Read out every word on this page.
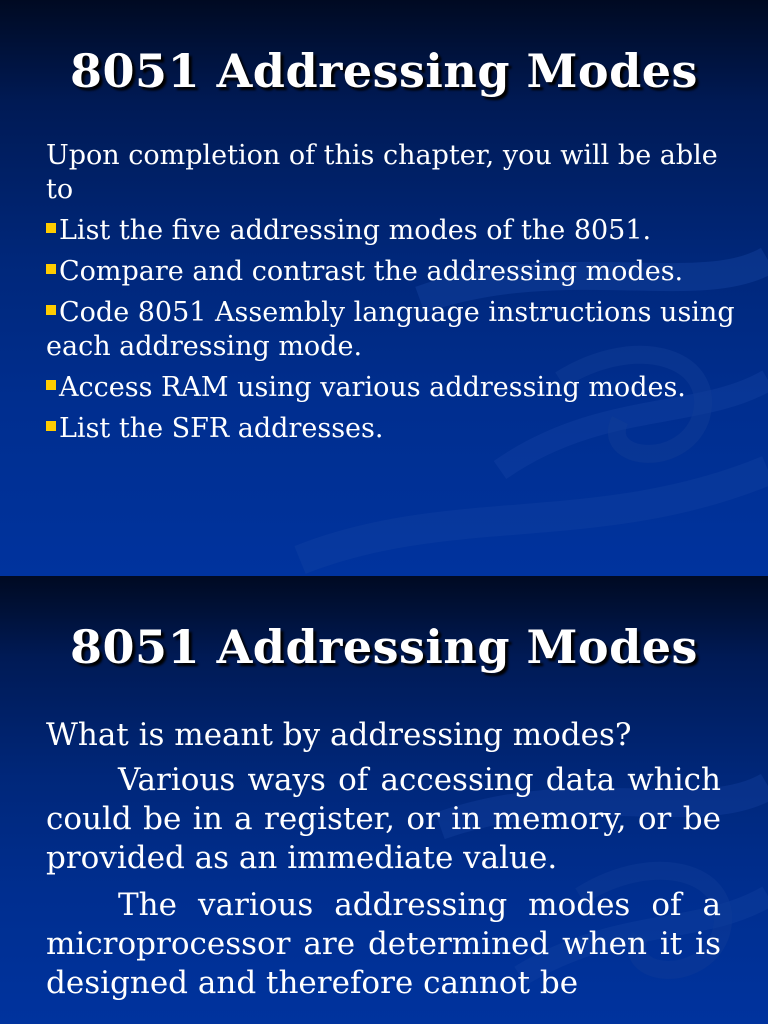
8051 Addressing Modes

Upon completion of this chapter, you will be able to

List the five addressing modes of the 8051.

Compare and contrast the addressing modes.

Code 8051 Assembly language instructions using each addressing mode.

Access RAM using various addressing modes.

List the SFR addresses.

8051 Addressing Modes

What is meant by addressing modes?

Various ways of accessing data which could be in a register, or in memory, or be provided as an immediate value.

The various addressing modes of a microprocessor are determined when it is designed and therefore cannot be
